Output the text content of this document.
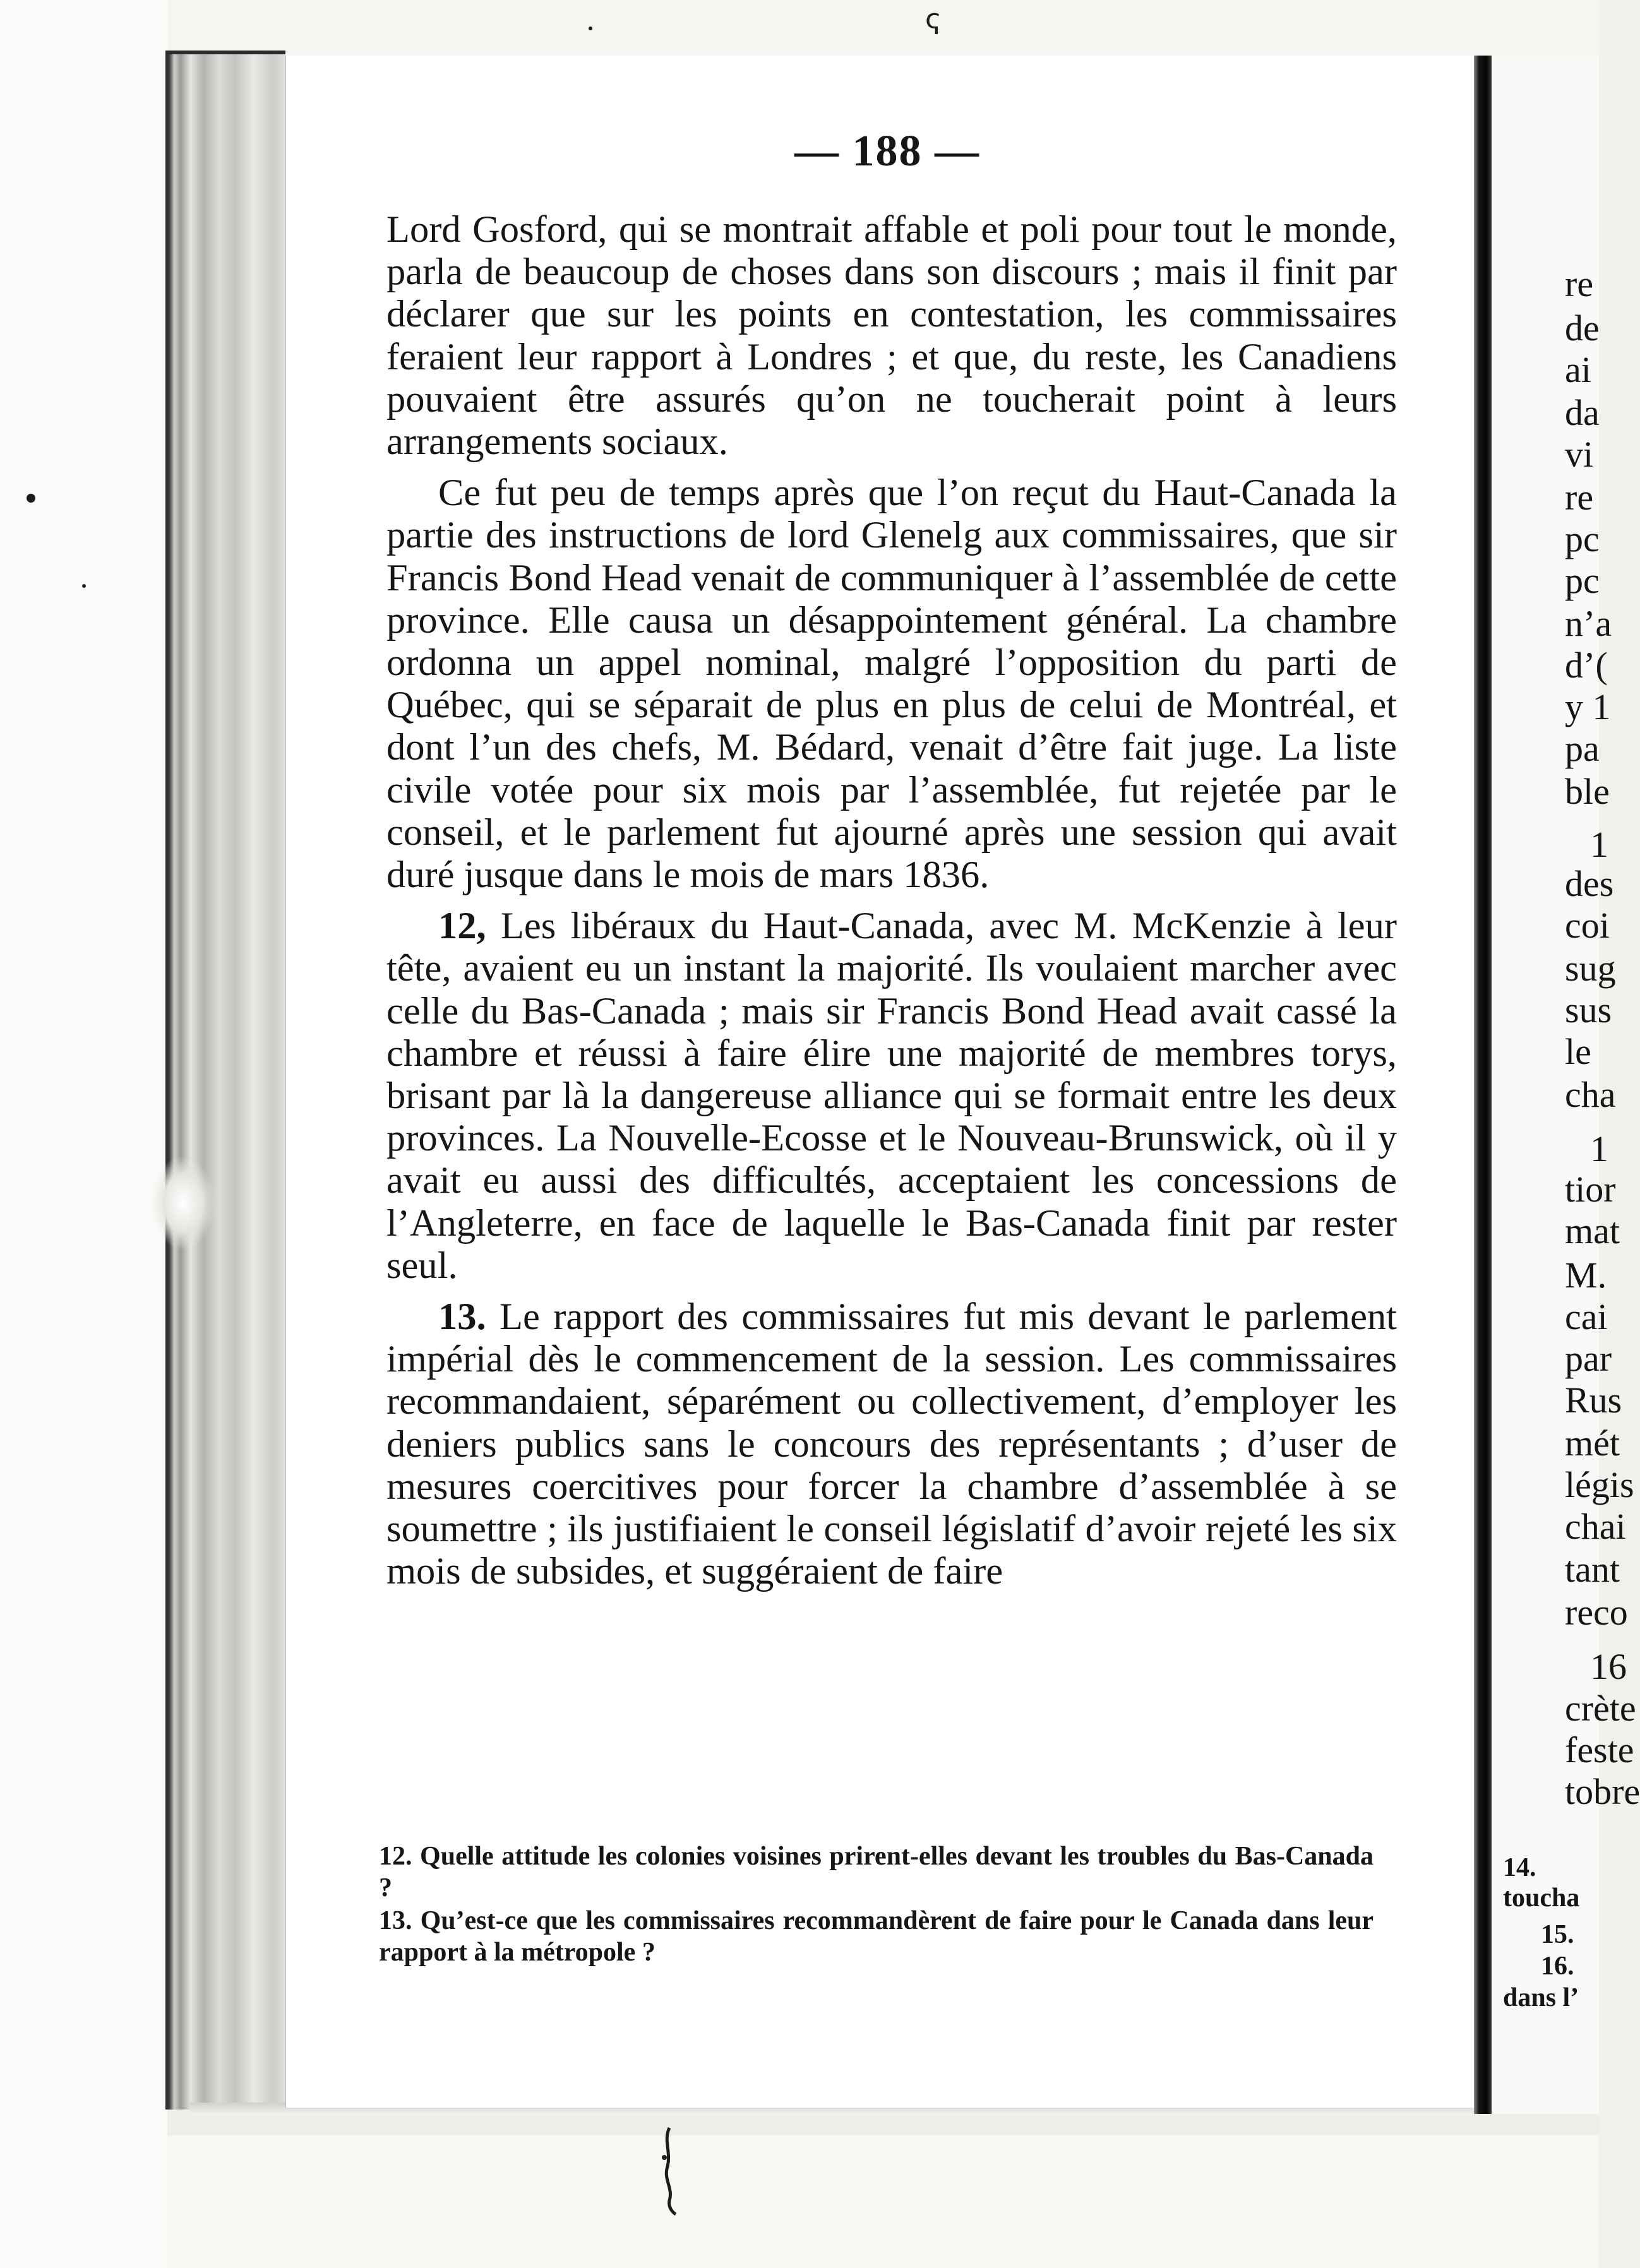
ҁ
— 188 —

Lord Gosford, qui se montrait affable et poli pour tout le monde, parla de beaucoup de choses dans son discours ; mais il finit par déclarer que sur les points en contestation, les commissaires feraient leur rapport à Londres ; et que, du reste, les Canadiens pouvaient être assurés qu’on ne toucherait point à leurs arrangements sociaux.

Ce fut peu de temps après que l’on reçut du Haut-Canada la partie des instructions de lord Glenelg aux commissaires, que sir Francis Bond Head venait de communiquer à l’assemblée de cette province. Elle causa un désappointement général. La chambre ordonna un appel nominal, malgré l’opposition du parti de Québec, qui se séparait de plus en plus de celui de Montréal, et dont l’un des chefs, M. Bédard, venait d’être fait juge. La liste civile votée pour six mois par l’assemblée, fut rejetée par le conseil, et le parlement fut ajourné après une session qui avait duré jusque dans le mois de mars 1836.

12, Les libéraux du Haut-Canada, avec M. McKenzie à leur tête, avaient eu un instant la majorité. Ils voulaient marcher avec celle du Bas-Canada ; mais sir Francis Bond Head avait cassé la chambre et réussi à faire élire une majorité de membres torys, brisant par là la dangereuse alliance qui se formait entre les deux provinces. La Nouvelle-Ecosse et le Nouveau-Brunswick, où il y avait eu aussi des difficultés, acceptaient les concessions de l’Angleterre, en face de laquelle le Bas-Canada finit par rester seul.

13. Le rapport des commissaires fut mis devant le parlement impérial dès le commencement de la session. Les commissaires recommandaient, séparément ou collectivement, d’employer les deniers publics sans le concours des représentants ; d’user de mesures coercitives pour forcer la chambre d’assemblée à se soumettre ; ils justifiaient le conseil législatif d’avoir rejeté les six mois de subsides, et suggéraient de faire

12. Quelle attitude les colonies voisines prirent-elles devant les troubles du Bas-Canada ?

13. Qu’est-ce que les commissaires recommandèrent de faire pour le Canada dans leur rapport à la métropole ?

re
de
ai
da
vi
re
pc
pc
n’a
d’(
y 1
pa
ble
1
des
coi
sug
sus
le
cha
1
tior
mat
M.
cai
par
Rus
mét
légis
chai
tant
reco
16
crète
feste
tobre
14.
toucha
15.
16.
dans l’
